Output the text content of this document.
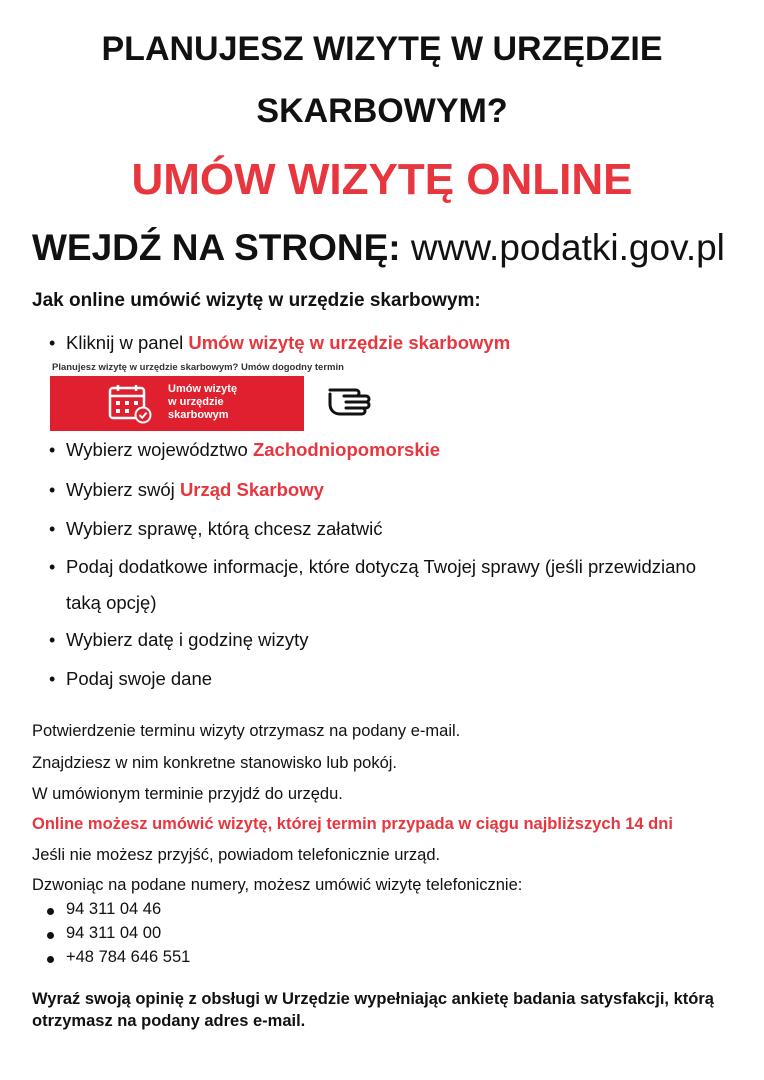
PLANUJESZ WIZYTĘ W URZĘDZIE
SKARBOWYM?
UMÓW WIZYTĘ ONLINE
WEJDŹ NA STRONĘ: www.podatki.gov.pl
Jak online umówić wizytę w urzędzie skarbowym:
• Kliknij w panel Umów wizytę w urzędzie skarbowym
Planujesz wizytę w urzędzie skarbowym? Umów dogodny termin
Umów wizytę
w urzędzie
skarbowym
• Wybierz województwo Zachodniopomorskie
• Wybierz swój Urząd Skarbowy
• Wybierz sprawę, którą chcesz załatwić
• Podaj dodatkowe informacje, które dotyczą Twojej sprawy (jeśli przewidziano
taką opcję)
• Wybierz datę i godzinę wizyty
• Podaj swoje dane
Potwierdzenie terminu wizyty otrzymasz na podany e-mail.
Znajdziesz w nim konkretne stanowisko lub pokój.
W umówionym terminie przyjdź do urzędu.
Online możesz umówić wizytę, której termin przypada w ciągu najbliższych 14 dni
Jeśli nie możesz przyjść, powiadom telefonicznie urząd.
Dzwoniąc na podane numery, możesz umówić wizytę telefonicznie:
94 311 04 46
94 311 04 00
+48 784 646 551
Wyraź swoją opinię z obsługi w Urzędzie wypełniając ankietę badania satysfakcji, którą otrzymasz na podany adres e-mail.
